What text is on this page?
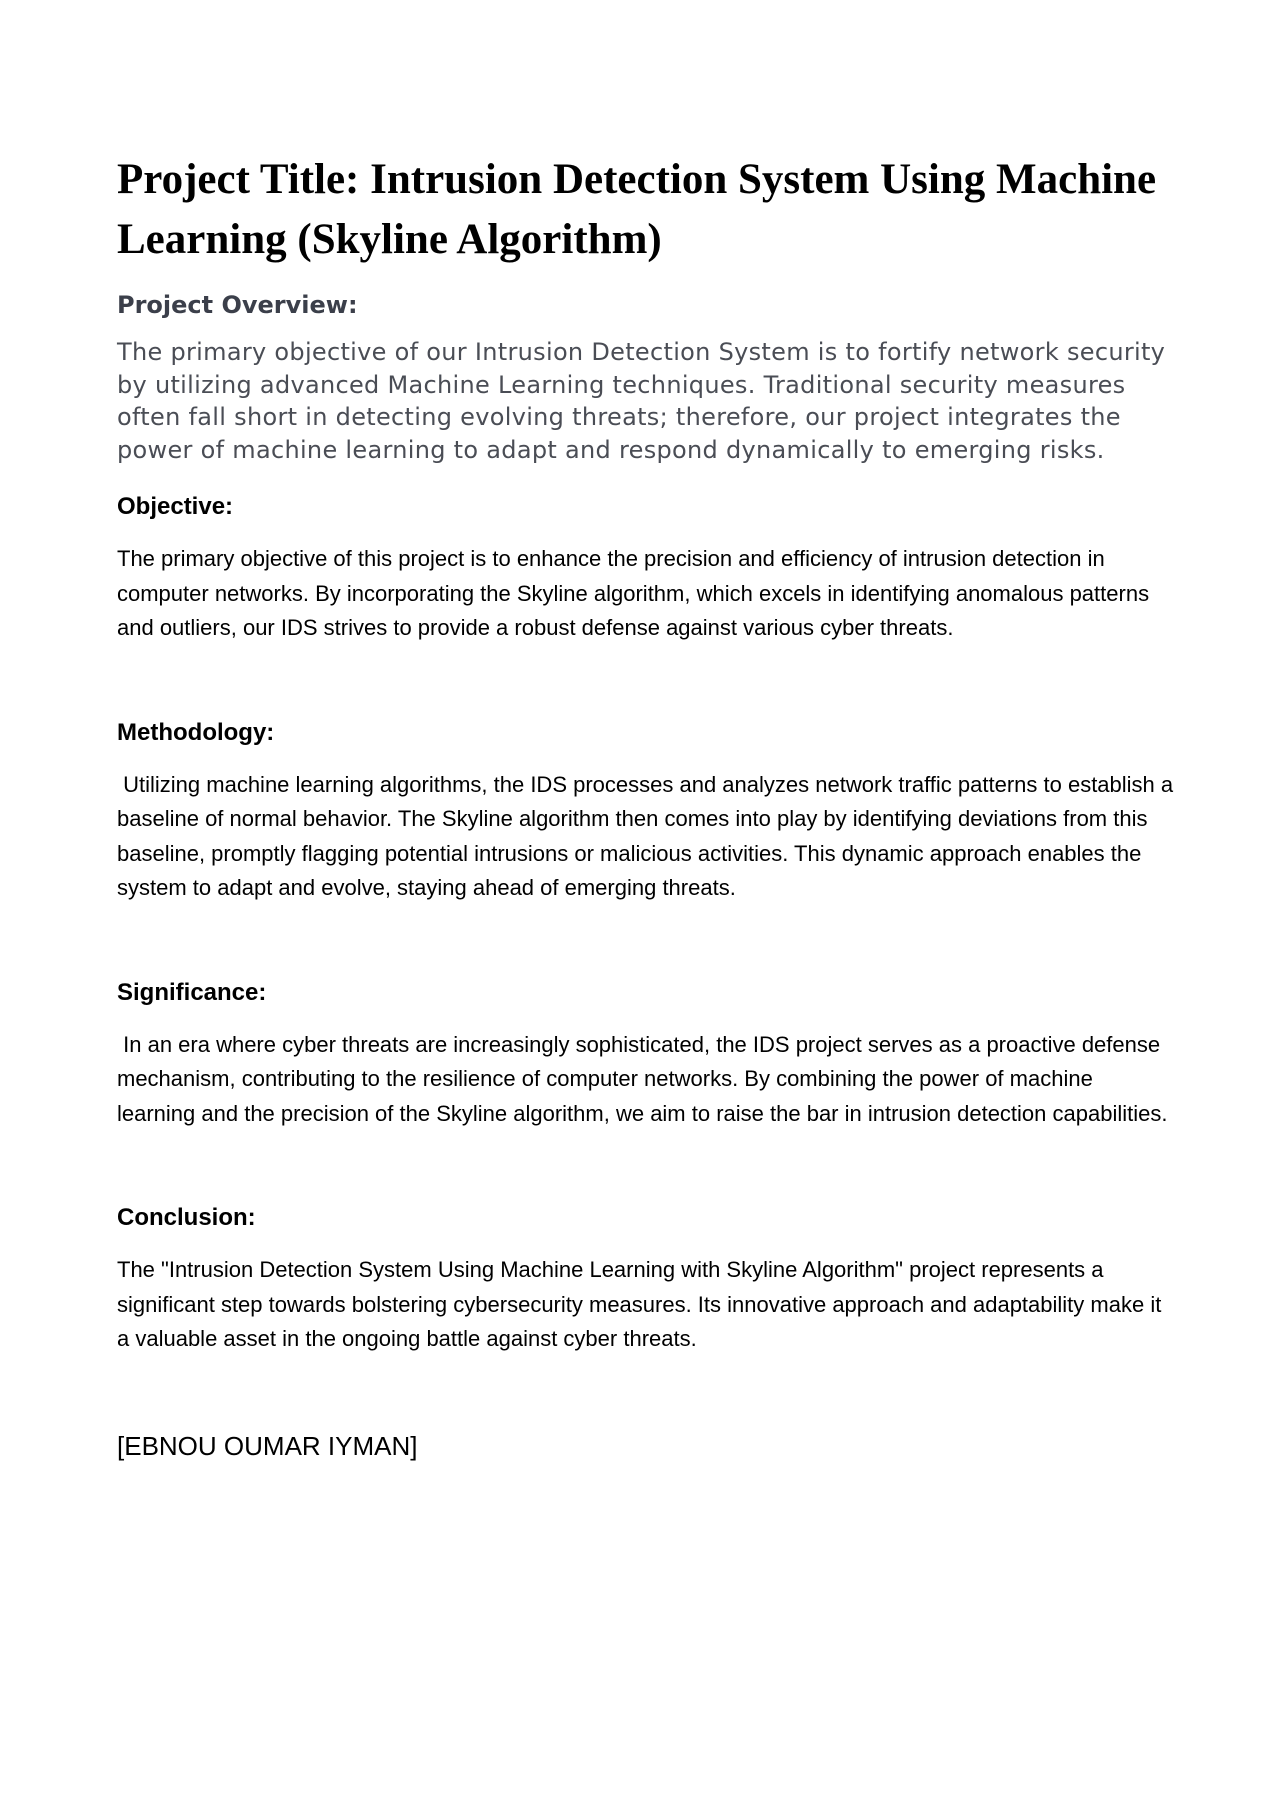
Project Title: Intrusion Detection System Using Machine Learning (Skyline Algorithm)
Project Overview:

The primary objective of our Intrusion Detection System is to fortify network security by utilizing advanced Machine Learning techniques. Traditional security measures often fall short in detecting evolving threats; therefore, our project integrates the power of machine learning to adapt and respond dynamically to emerging risks.

Objective:

The primary objective of this project is to enhance the precision and efficiency of intrusion detection in computer networks. By incorporating the Skyline algorithm, which excels in identifying anomalous patterns and outliers, our IDS strives to provide a robust defense against various cyber threats.

Methodology:

Utilizing machine learning algorithms, the IDS processes and analyzes network traffic patterns to establish a baseline of normal behavior. The Skyline algorithm then comes into play by identifying deviations from this baseline, promptly flagging potential intrusions or malicious activities. This dynamic approach enables the system to adapt and evolve, staying ahead of emerging threats.

Significance:

In an era where cyber threats are increasingly sophisticated, the IDS project serves as a proactive defense mechanism, contributing to the resilience of computer networks. By combining the power of machine learning and the precision of the Skyline algorithm, we aim to raise the bar in intrusion detection capabilities.

Conclusion:

The "Intrusion Detection System Using Machine Learning with Skyline Algorithm" project represents a significant step towards bolstering cybersecurity measures. Its innovative approach and adaptability make it a valuable asset in the ongoing battle against cyber threats.

[EBNOU OUMAR IYMAN]
